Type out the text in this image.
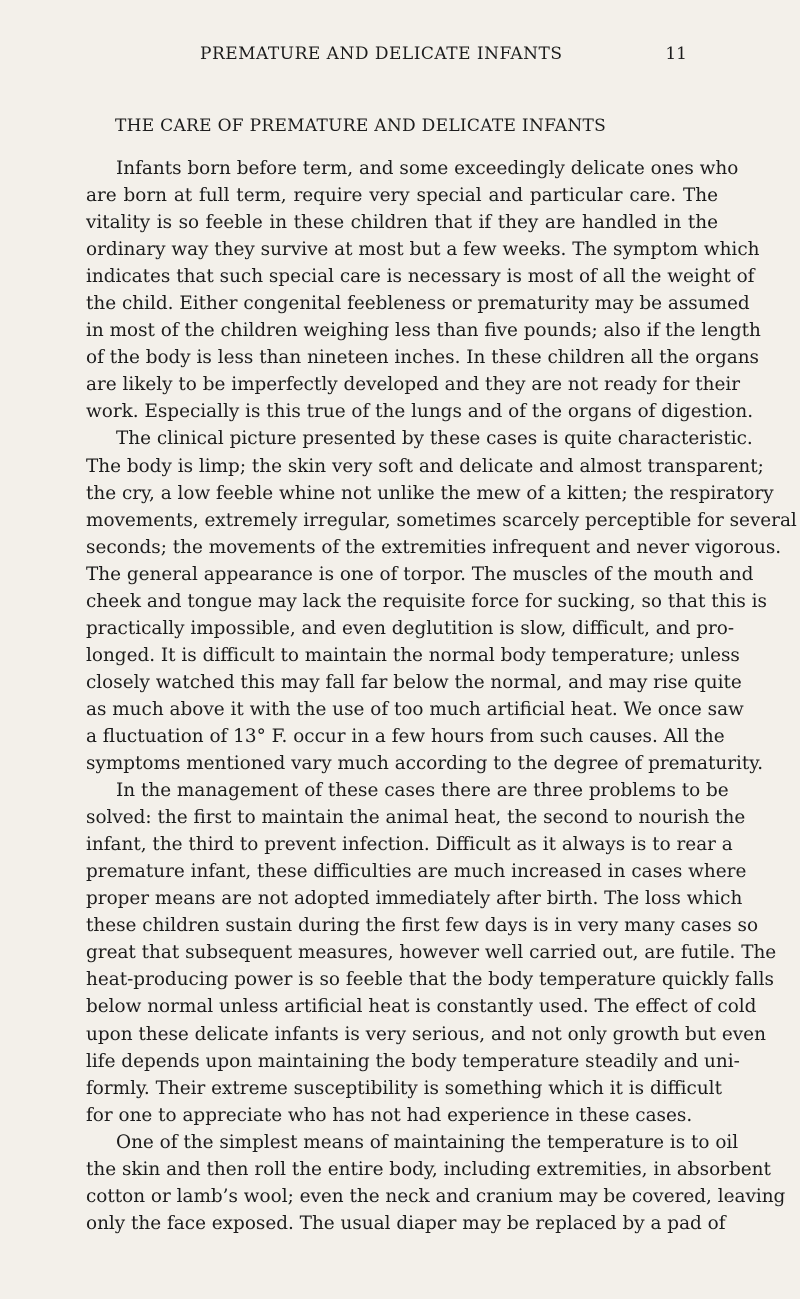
PREMATURE AND DELICATE INFANTS	11
THE CARE OF PREMATURE AND DELICATE INFANTS
Infants born before term, and some exceedingly delicate ones who
are born at full term, require very special and particular care. The
vitality is so feeble in these children that if they are handled in the
ordinary way they survive at most but a few weeks. The symptom which
indicates that such special care is necessary is most of all the weight of
the child. Either congenital feebleness or prematurity may be assumed
in most of the children weighing less than five pounds; also if the length
of the body is less than nineteen inches. In these children all the organs
are likely to be imperfectly developed and they are not ready for their
work. Especially is this true of the lungs and of the organs of digestion.
The clinical picture presented by these cases is quite characteristic.
The body is limp; the skin very soft and delicate and almost transparent;
the cry, a low feeble whine not unlike the mew of a kitten; the respiratory
movements, extremely irregular, sometimes scarcely perceptible for several
seconds; the movements of the extremities infrequent and never vigorous.
The general appearance is one of torpor. The muscles of the mouth and
cheek and tongue may lack the requisite force for sucking, so that this is
practically impossible, and even deglutition is slow, difficult, and pro-
longed. It is difficult to maintain the normal body temperature; unless
closely watched this may fall far below the normal, and may rise quite
as much above it with the use of too much artificial heat. We once saw
a fluctuation of 13° F. occur in a few hours from such causes. All the
symptoms mentioned vary much according to the degree of prematurity.
In the management of these cases there are three problems to be
solved: the first to maintain the animal heat, the second to nourish the
infant, the third to prevent infection. Difficult as it always is to rear a
premature infant, these difficulties are much increased in cases where
proper means are not adopted immediately after birth. The loss which
these children sustain during the first few days is in very many cases so
great that subsequent measures, however well carried out, are futile. The
heat-producing power is so feeble that the body temperature quickly falls
below normal unless artificial heat is constantly used. The effect of cold
upon these delicate infants is very serious, and not only growth but even
life depends upon maintaining the body temperature steadily and uni-
formly. Their extreme susceptibility is something which it is difficult
for one to appreciate who has not had experience in these cases.
One of the simplest means of maintaining the temperature is to oil
the skin and then roll the entire body, including extremities, in absorbent
cotton or lamb’s wool; even the neck and cranium may be covered, leaving
only the face exposed. The usual diaper may be replaced by a pad of
